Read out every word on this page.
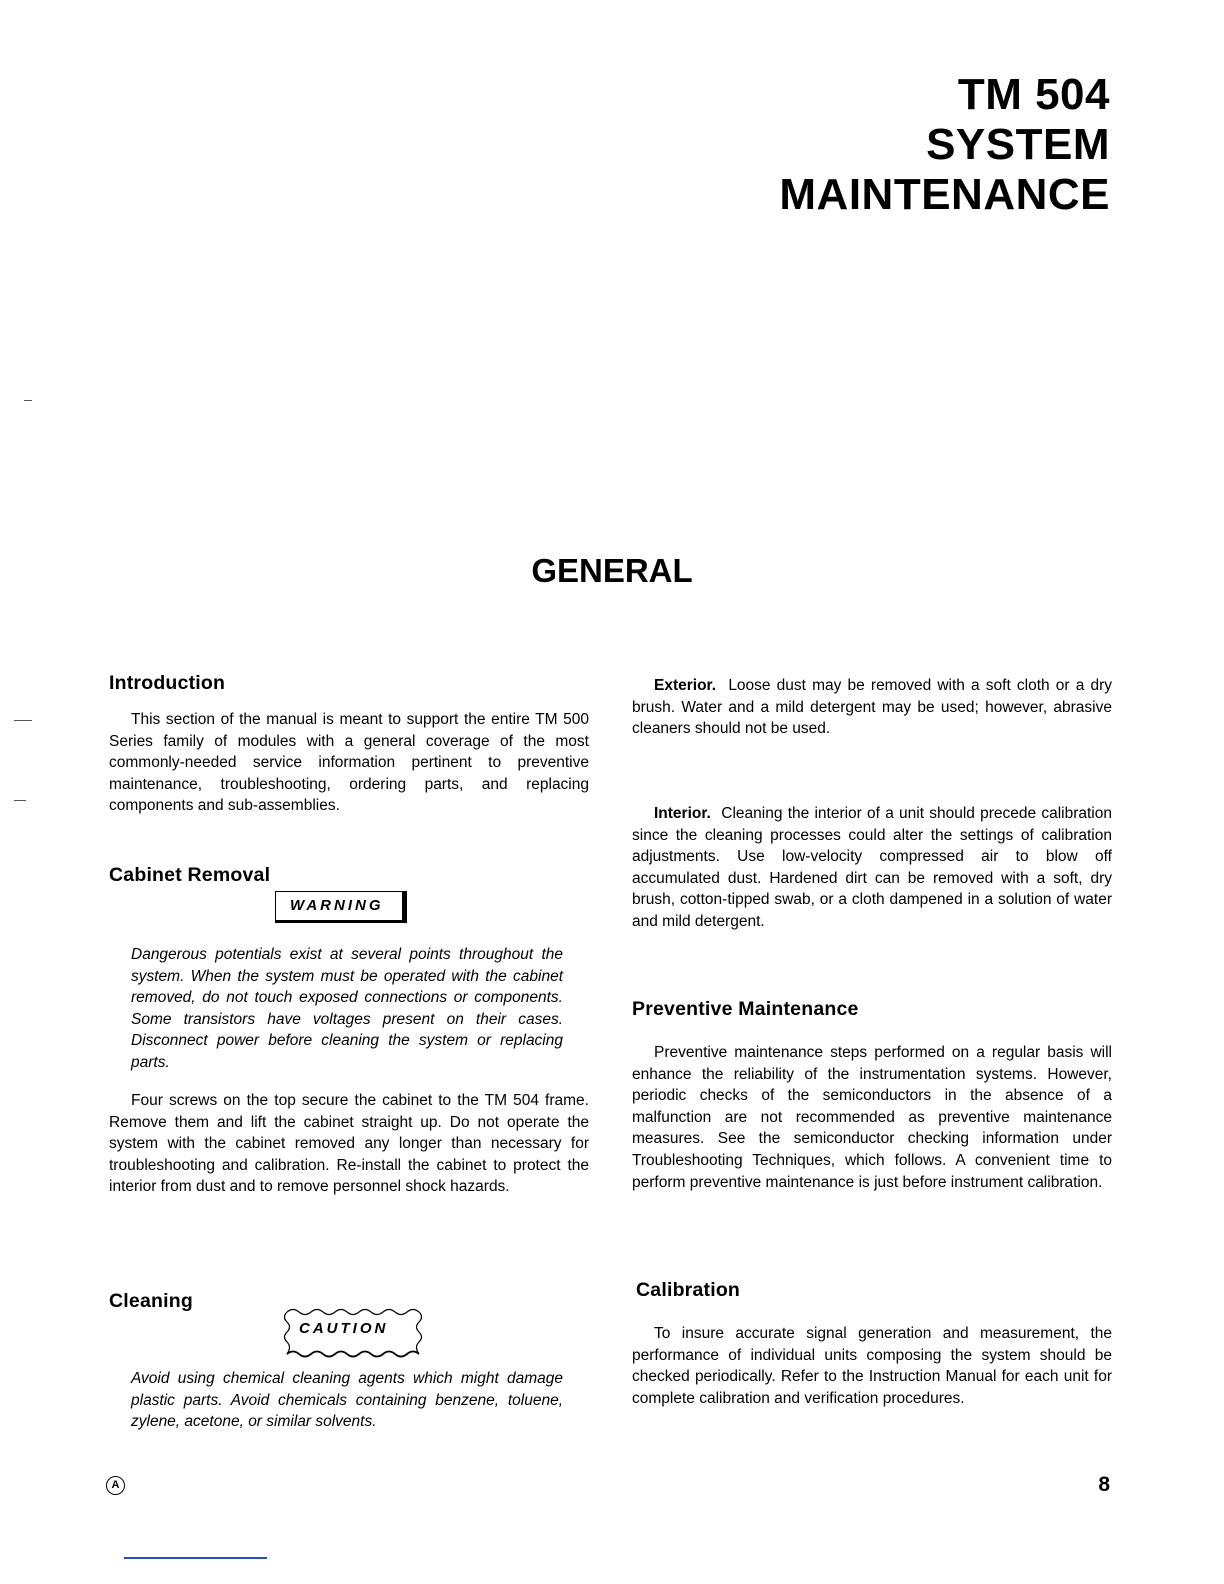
TM 504
SYSTEM
MAINTENANCE
GENERAL
Introduction
This section of the manual is meant to support the entire TM 500 Series family of modules with a general coverage of the most commonly-needed service information pertinent to preventive maintenance, troubleshooting, ordering parts, and replacing components and sub-assemblies.
Cabinet Removal
WARNING
Dangerous potentials exist at several points throughout the system. When the system must be operated with the cabinet removed, do not touch exposed connections or components. Some transistors have voltages present on their cases. Disconnect power before cleaning the system or replacing parts.
Four screws on the top secure the cabinet to the TM 504 frame. Remove them and lift the cabinet straight up. Do not operate the system with the cabinet removed any longer than necessary for troubleshooting and calibration. Re-install the cabinet to protect the interior from dust and to remove personnel shock hazards.
Cleaning
CAUTION
Avoid using chemical cleaning agents which might damage plastic parts. Avoid chemicals containing benzene, toluene, zylene, acetone, or similar solvents.
Exterior. Loose dust may be removed with a soft cloth or a dry brush. Water and a mild detergent may be used; however, abrasive cleaners should not be used.
Interior. Cleaning the interior of a unit should precede calibration since the cleaning processes could alter the settings of calibration adjustments. Use low-velocity compressed air to blow off accumulated dust. Hardened dirt can be removed with a soft, dry brush, cotton-tipped swab, or a cloth dampened in a solution of water and mild detergent.
Preventive Maintenance
Preventive maintenance steps performed on a regular basis will enhance the reliability of the instrumentation systems. However, periodic checks of the semiconductors in the absence of a malfunction are not recommended as preventive maintenance measures. See the semiconductor checking information under Troubleshooting Techniques, which follows. A convenient time to perform preventive maintenance is just before instrument calibration.
Calibration
To insure accurate signal generation and measurement, the performance of individual units composing the system should be checked periodically. Refer to the Instruction Manual for each unit for complete calibration and verification procedures.
A	8
